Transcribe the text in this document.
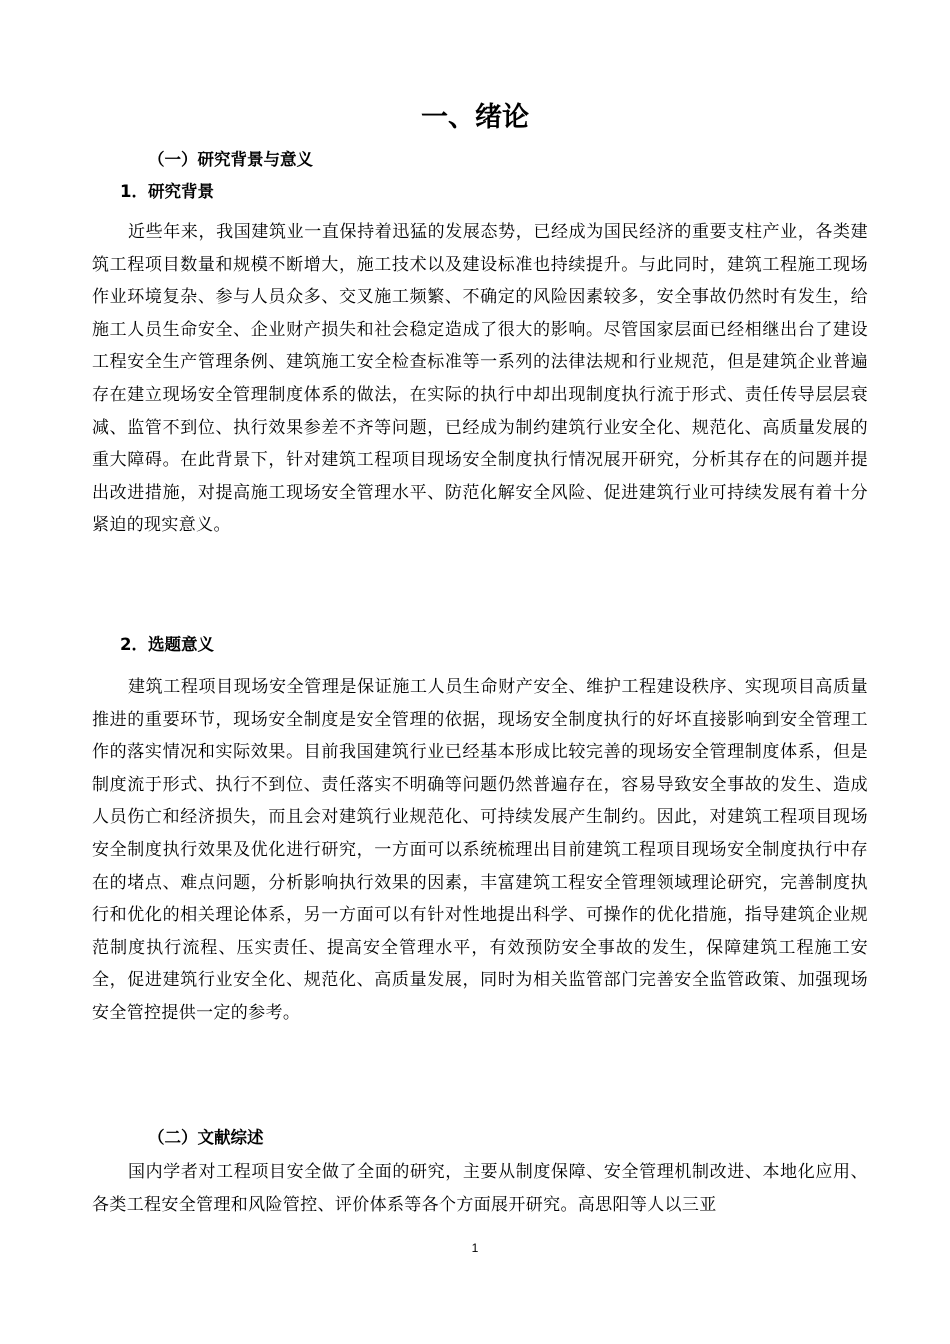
一、绪论
（一）研究背景与意义
1．研究背景

近些年来，我国建筑业一直保持着迅猛的发展态势，已经成为国民经济的重要支柱产业，各类建筑工程项目数量和规模不断增大，施工技术以及建设标准也持续提升。与此同时，建筑工程施工现场作业环境复杂、参与人员众多、交叉施工频繁、不确定的风险因素较多，安全事故仍然时有发生，给施工人员生命安全、企业财产损失和社会稳定造成了很大的影响。尽管国家层面已经相继出台了建设工程安全生产管理条例、建筑施工安全检查标准等一系列的法律法规和行业规范，但是建筑企业普遍存在建立现场安全管理制度体系的做法，在实际的执行中却出现制度执行流于形式、责任传导层层衰减、监管不到位、执行效果参差不齐等问题，已经成为制约建筑行业安全化、规范化、高质量发展的重大障碍。在此背景下，针对建筑工程项目现场安全制度执行情况展开研究，分析其存在的问题并提出改进措施，对提高施工现场安全管理水平、防范化解安全风险、促进建筑行业可持续发展有着十分紧迫的现实意义。

2．选题意义

建筑工程项目现场安全管理是保证施工人员生命财产安全、维护工程建设秩序、实现项目高质量推进的重要环节，现场安全制度是安全管理的依据，现场安全制度执行的好坏直接影响到安全管理工作的落实情况和实际效果。目前我国建筑行业已经基本形成比较完善的现场安全管理制度体系，但是制度流于形式、执行不到位、责任落实不明确等问题仍然普遍存在，容易导致安全事故的发生、造成人员伤亡和经济损失，而且会对建筑行业规范化、可持续发展产生制约。因此，对建筑工程项目现场安全制度执行效果及优化进行研究，一方面可以系统梳理出目前建筑工程项目现场安全制度执行中存在的堵点、难点问题，分析影响执行效果的因素，丰富建筑工程安全管理领域理论研究，完善制度执行和优化的相关理论体系，另一方面可以有针对性地提出科学、可操作的优化措施，指导建筑企业规范制度执行流程、压实责任、提高安全管理水平，有效预防安全事故的发生，保障建筑工程施工安全，促进建筑行业安全化、规范化、高质量发展，同时为相关监管部门完善安全监管政策、加强现场安全管控提供一定的参考。

（二）文献综述

国内学者对工程项目安全做了全面的研究，主要从制度保障、安全管理机制改进、本地化应用、各类工程安全管理和风险管控、评价体系等各个方面展开研究。高思阳等人以三亚

1
